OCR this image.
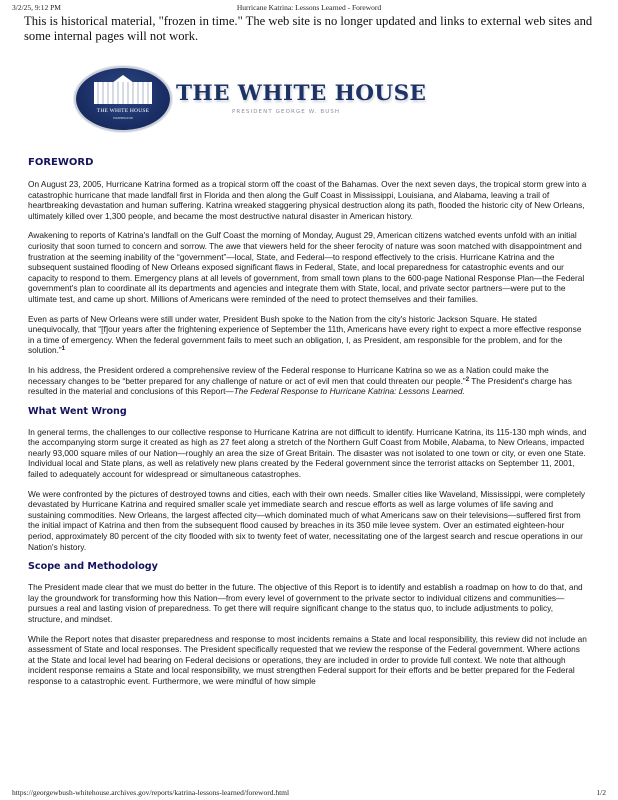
3/2/25, 9:12 PM	Hurricane Katrina: Lessons Learned - Foreword
This is historical material, "frozen in time." The web site is no longer updated and links to external web sites and some internal pages will not work.
THE WHITE HOUSE
WASHINGTON
THE WHITE HOUSE
PRESIDENT GEORGE W. BUSH
FOREWORD

On August 23, 2005, Hurricane Katrina formed as a tropical storm off the coast of the Bahamas. Over the next seven days, the tropical storm grew into a catastrophic hurricane that made landfall first in Florida and then along the Gulf Coast in Mississippi, Louisiana, and Alabama, leaving a trail of heartbreaking devastation and human suffering. Katrina wreaked staggering physical destruction along its path, flooded the historic city of New Orleans, ultimately killed over 1,300 people, and became the most destructive natural disaster in American history.

Awakening to reports of Katrina's landfall on the Gulf Coast the morning of Monday, August 29, American citizens watched events unfold with an initial curiosity that soon turned to concern and sorrow. The awe that viewers held for the sheer ferocity of nature was soon matched with disappointment and frustration at the seeming inability of the “government”—local, State, and Federal—to respond effectively to the crisis. Hurricane Katrina and the subsequent sustained flooding of New Orleans exposed significant flaws in Federal, State, and local preparedness for catastrophic events and our capacity to respond to them. Emergency plans at all levels of government, from small town plans to the 600-page National Response Plan—the Federal government's plan to coordinate all its departments and agencies and integrate them with State, local, and private sector partners—were put to the ultimate test, and came up short. Millions of Americans were reminded of the need to protect themselves and their families.

Even as parts of New Orleans were still under water, President Bush spoke to the Nation from the city's historic Jackson Square. He stated unequivocally, that “[f]our years after the frightening experience of September the 11th, Americans have every right to expect a more effective response in a time of emergency. When the federal government fails to meet such an obligation, I, as President, am responsible for the problem, and for the solution.”$^1$

In his address, the President ordered a comprehensive review of the Federal response to Hurricane Katrina so we as a Nation could make the necessary changes to be “better prepared for any challenge of nature or act of evil men that could threaten our people.”$^2$ The President's charge has resulted in the material and conclusions of this Report—The Federal Response to Hurricane Katrina: Lessons Learned.

What Went Wrong

In general terms, the challenges to our collective response to Hurricane Katrina are not difficult to identify. Hurricane Katrina, its 115-130 mph winds, and the accompanying storm surge it created as high as 27 feet along a stretch of the Northern Gulf Coast from Mobile, Alabama, to New Orleans, impacted nearly 93,000 square miles of our Nation—roughly an area the size of Great Britain. The disaster was not isolated to one town or city, or even one State. Individual local and State plans, as well as relatively new plans created by the Federal government since the terrorist attacks on September 11, 2001, failed to adequately account for widespread or simultaneous catastrophes.

We were confronted by the pictures of destroyed towns and cities, each with their own needs. Smaller cities like Waveland, Mississippi, were completely devastated by Hurricane Katrina and required smaller scale yet immediate search and rescue efforts as well as large volumes of life saving and sustaining commodities. New Orleans, the largest affected city—which dominated much of what Americans saw on their televisions—suffered first from the initial impact of Katrina and then from the subsequent flood caused by breaches in its 350 mile levee system. Over an estimated eighteen-hour period, approximately 80 percent of the city flooded with six to twenty feet of water, necessitating one of the largest search and rescue operations in our Nation's history.

Scope and Methodology

The President made clear that we must do better in the future. The objective of this Report is to identify and establish a roadmap on how to do that, and lay the groundwork for transforming how this Nation—from every level of government to the private sector to individual citizens and communities—pursues a real and lasting vision of preparedness. To get there will require significant change to the status quo, to include adjustments to policy, structure, and mindset.

While the Report notes that disaster preparedness and response to most incidents remains a State and local responsibility, this review did not include an assessment of State and local responses. The President specifically requested that we review the response of the Federal government. Where actions at the State and local level had bearing on Federal decisions or operations, they are included in order to provide full context. We note that although incident response remains a State and local responsibility, we must strengthen Federal support for their efforts and be better prepared for the Federal response to a catastrophic event. Furthermore, we were mindful of how simple

https://georgewbush-whitehouse.archives.gov/reports/katrina-lessons-learned/foreword.html	1/2
